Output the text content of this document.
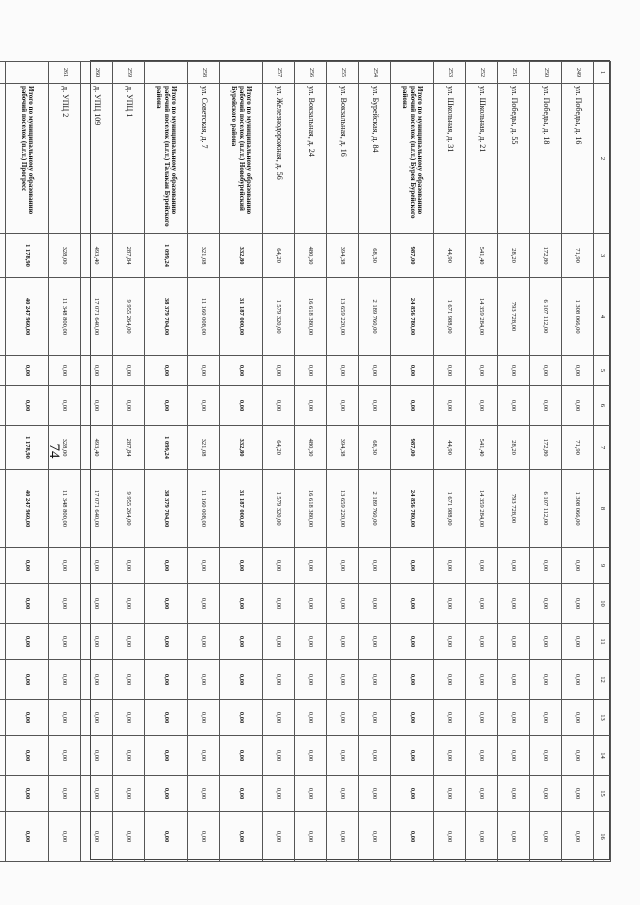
74
1	2	3	4	5	6	7	8	9	10	11	12	13	14	15	16
249	ул. Победы, д. 16	71,90	1 308 066,00	0,00	0,00	71,90	1 308 066,00	0,00	0,00	0,00	0,00	0,00	0,00	0,00	0,00
250	ул. Победы, д. 18	172,80	6 107 112,00	0,00	0,00	172,80	6 107 112,00	0,00	0,00	0,00	0,00	0,00	0,00	0,00	0,00
251	ул. Победы, д. 55	28,20	793 728,00	0,00	0,00	28,20	793 728,00	0,00	0,00	0,00	0,00	0,00	0,00	0,00	0,00
252	ул. Школьная, д. 21	541,40	14 359 284,00	0,00	0,00	541,40	14 359 284,00	0,00	0,00	0,00	0,00	0,00	0,00	0,00	0,00
253	ул. Школьная, д. 31	44,90	1 671 988,00	0,00	0,00	44,90	1 671 988,00	0,00	0,00	0,00	0,00	0,00	0,00	0,00	0,00
	Итого по муниципальному образованию рабочий поселок (п.г.т.) Бурея Бурейского района	987,00	24 856 780,00	0,00	0,00	987,00	24 856 780,00	0,00	0,00	0,00	0,00	0,00	0,00	0,00	0,00
254	ул. Бурейская, д. 84	68,30	2 189 760,00	0,00	0,00	68,30	2 189 760,00	0,00	0,00	0,00	0,00	0,00	0,00	0,00	0,00
255	ул. Вокзальная, д. 16	394,38	13 659 220,00	0,00	0,00	394,38	13 659 220,00	0,00	0,00	0,00	0,00	0,00	0,00	0,00	0,00
256	ул. Вокзальная, д. 24	480,30	16 618 380,00	0,00	0,00	480,30	16 618 380,00	0,00	0,00	0,00	0,00	0,00	0,00	0,00	0,00
257	ул. Железнодорожная, д. 56	64,20	1 579 320,00	0,00	0,00	64,20	1 579 320,00	0,00	0,00	0,00	0,00	0,00	0,00	0,00	0,00
	Итого по муниципальному образованию рабочий поселок (п.г.т.) Новобурейский Бурейского района	332,80	31 187 000,00	0,00	0,00	332,80	31 187 000,00	0,00	0,00	0,00	0,00	0,00	0,00	0,00	0,00
258	ул. Советская, д. 7	321,08	11 160 008,00	0,00	0,00	321,08	11 160 008,00	0,00	0,00	0,00	0,00	0,00	0,00	0,00	0,00
	Итого по муниципальному образованию рабочий поселок (п.г.т.) Талакан Бурейского района	1 099,24	38 379 704,00	0,00	0,00	1 099,24	38 379 704,00	0,00	0,00	0,00	0,00	0,00	0,00	0,00	0,00
259	д. УПЦ 1	287,84	9 955 264,00	0,00	0,00	287,84	9 955 264,00	0,00	0,00	0,00	0,00	0,00	0,00	0,00	0,00
260	д. УПЦ 109	493,40	17 071 640,00	0,00	0,00	493,40	17 071 640,00	0,00	0,00	0,00	0,00	0,00	0,00	0,00	0,00
261	д. УПЦ 2	328,00	11 348 800,00	0,00	0,00	328,00	11 348 800,00	0,00	0,00	0,00	0,00	0,00	0,00	0,00	0,00
	Итого по муниципальному образованию рабочий поселок (п.г.т.) Прогресс	1 178,90	40 247 960,00	0,00	0,00	1 178,90	40 247 960,00	0,00	0,00	0,00	0,00	0,00	0,00	0,00	0,00
